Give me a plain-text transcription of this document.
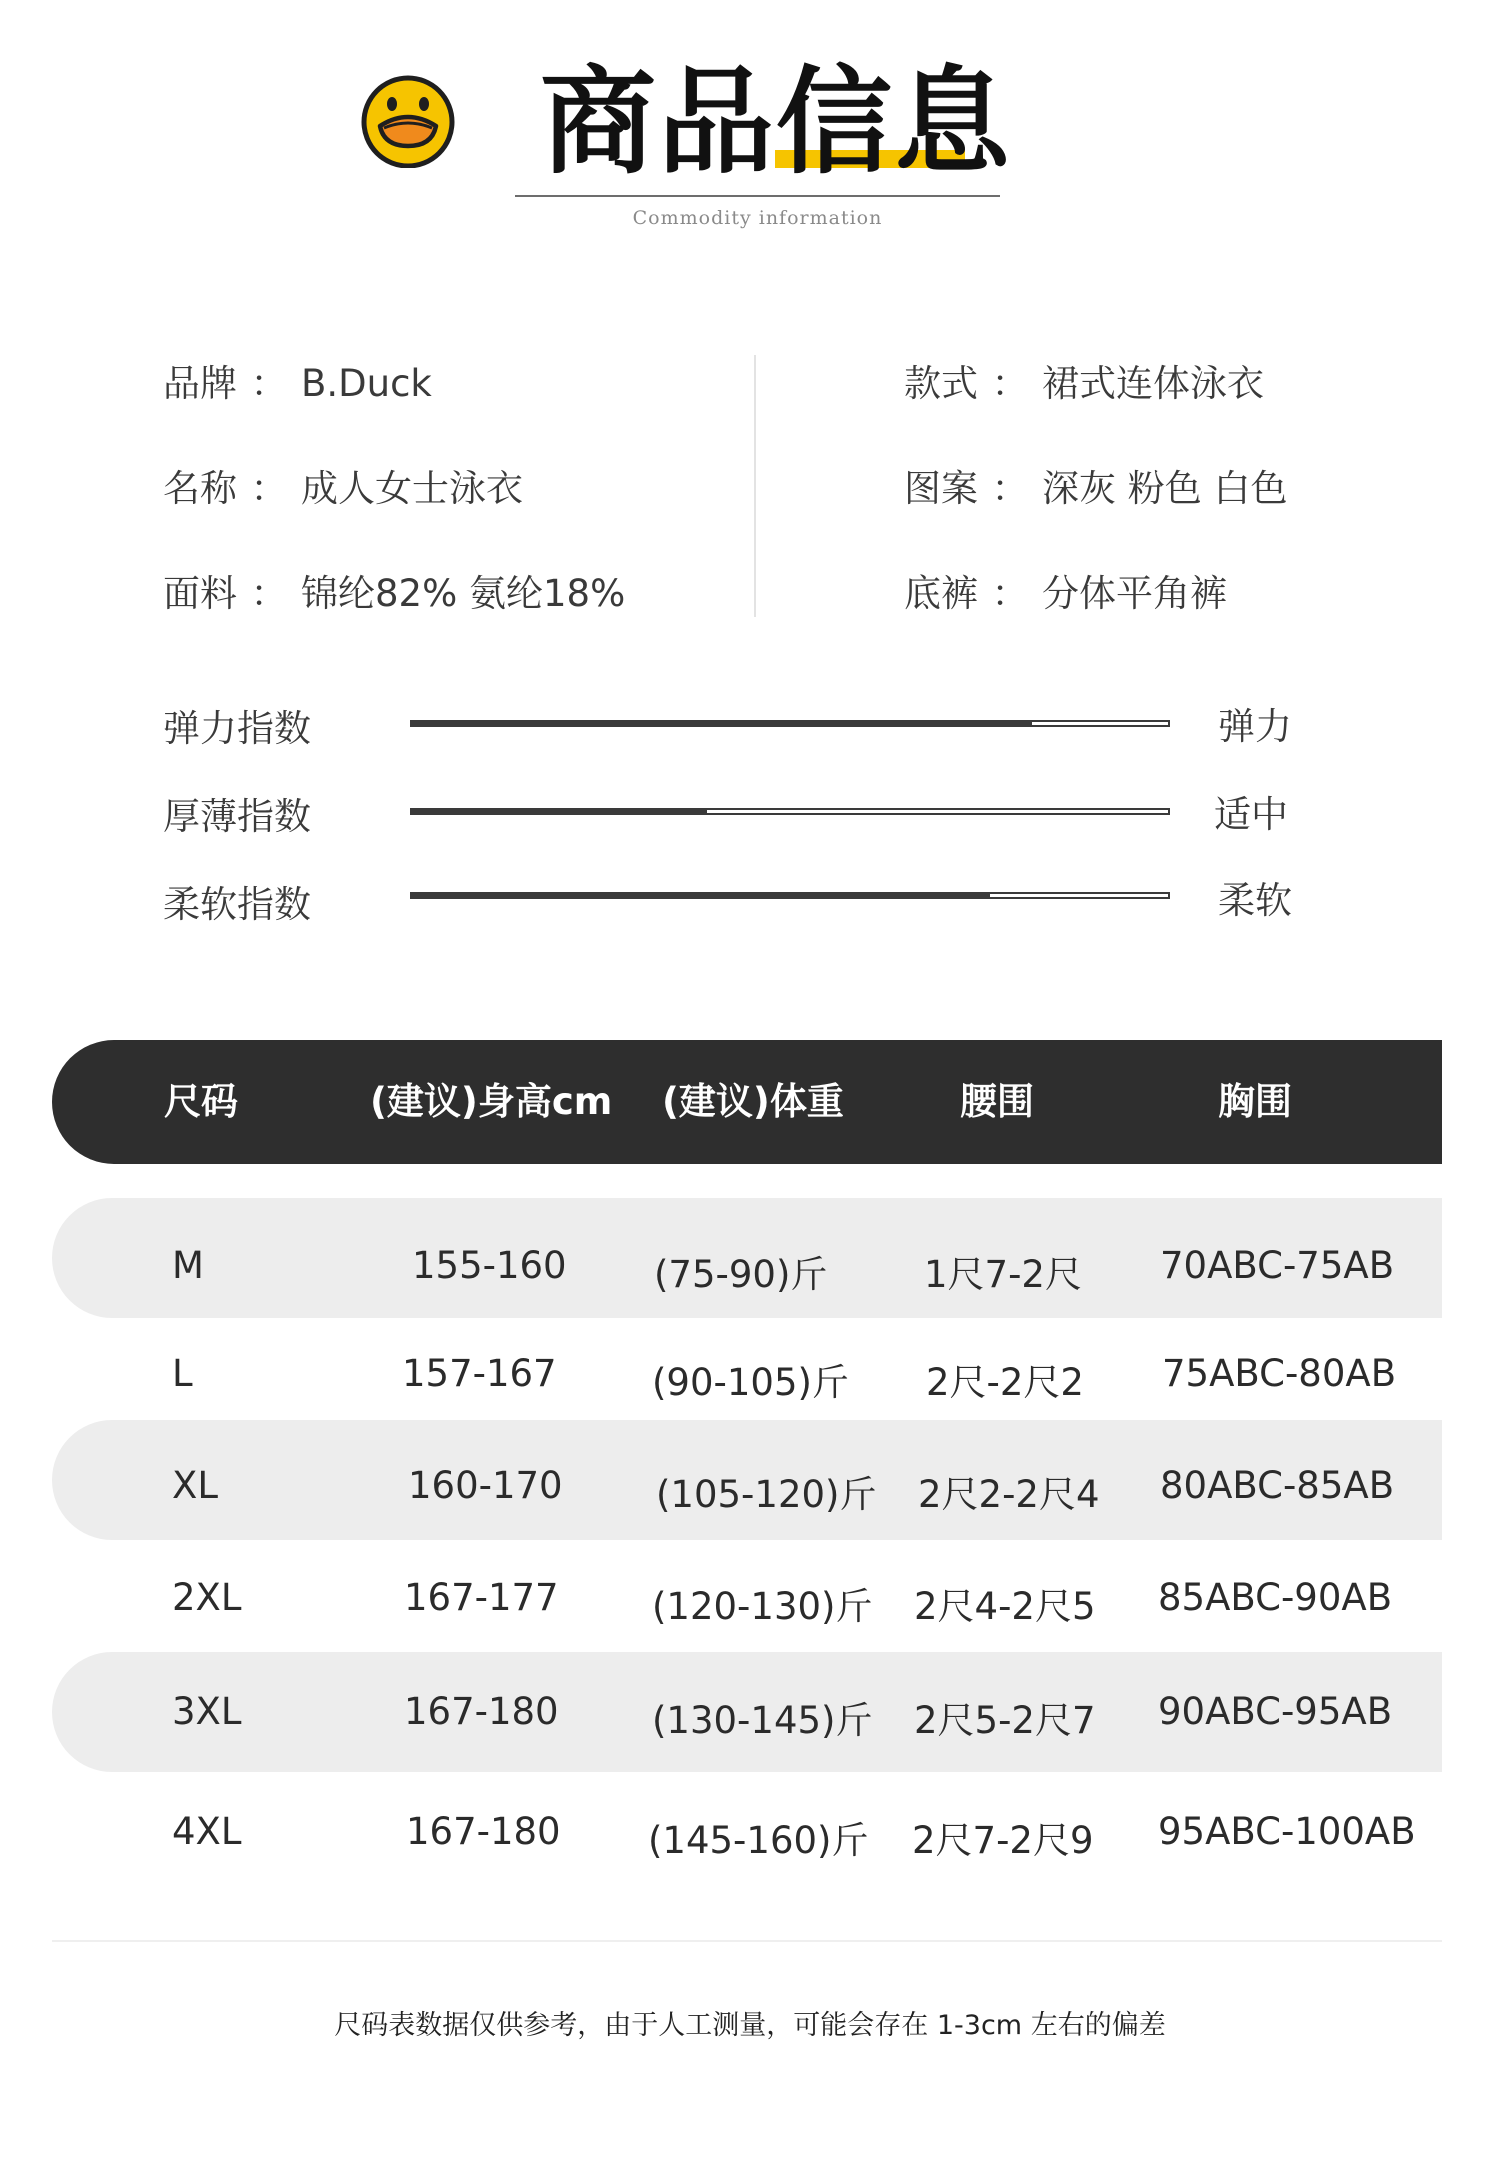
商品信息
Commodity information
品牌 ： B.Duck
名称 ： 成人女士泳衣
面料 ： 锦纶82% 氨纶18%
款式 ： 裙式连体泳衣
图案 ： 深灰 粉色 白色
底裤 ： 分体平角裤
弹力指数	弹力
厚薄指数	适中
柔软指数	柔软
尺码	(建议)身高cm (建议)体重	腰围	胸围
M	155-160 (75-90)斤	1尺7-2尺 70ABC-75AB
L	157-167	(90-105)斤 2尺-2尺2 75ABC-80AB
XL	160-170	(105-120)斤 2尺2-2尺4 80ABC-85AB
2XL	167-177	(120-130)斤 2尺4-2尺5 85ABC-90AB
3XL	167-180	(130-145)斤 2尺5-2尺7 90ABC-95AB
4XL	167-180 (145-160)斤 2尺7-2尺9 95ABC-100AB
尺码表数据仅供参考，由于人工测量，可能会存在 1-3cm 左右的偏差
